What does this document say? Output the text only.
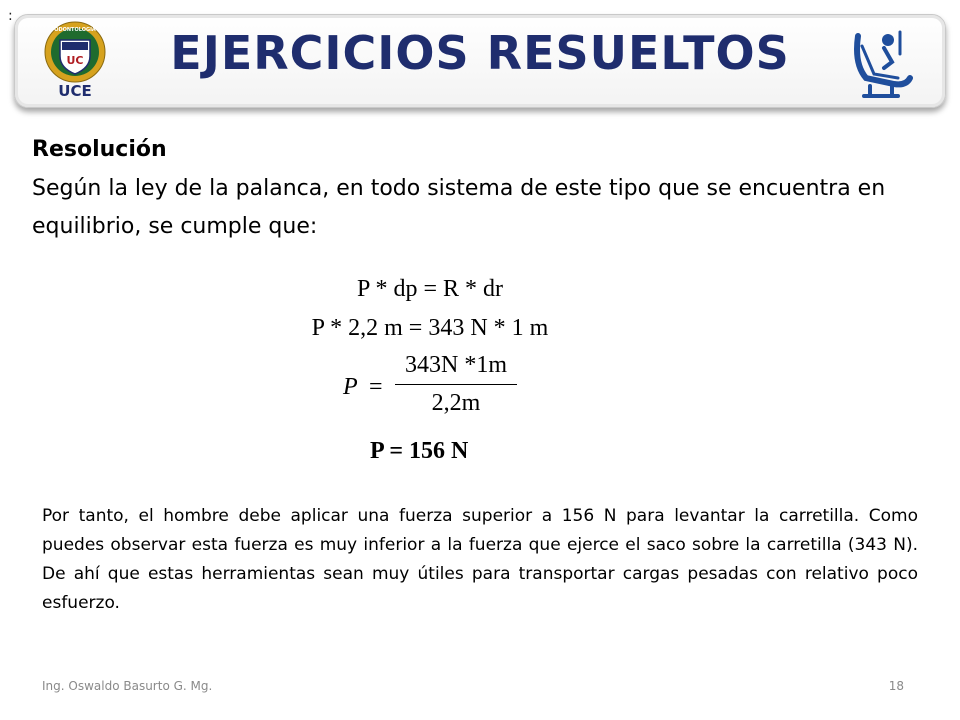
:
UC
ODONTOLOGIA
UCE
EJERCICIOS RESUELTOS
Resolución
Según la ley de la palanca, en todo sistema de este tipo que se encuentra en equilibrio, se cumple que:
P * dp = R * dr
P * 2,2 m = 343 N * 1 m
P =
343N *1m
2,2m
P = 156 N
Por tanto, el hombre debe aplicar una fuerza superior a 156 N para levantar la carretilla. Como puedes observar esta fuerza es muy inferior a la fuerza que ejerce el saco sobre la carretilla (343 N). De ahí que estas herramientas sean muy útiles para transportar cargas pesadas con relativo poco esfuerzo.
Ing. Oswaldo Basurto G. Mg.	18
